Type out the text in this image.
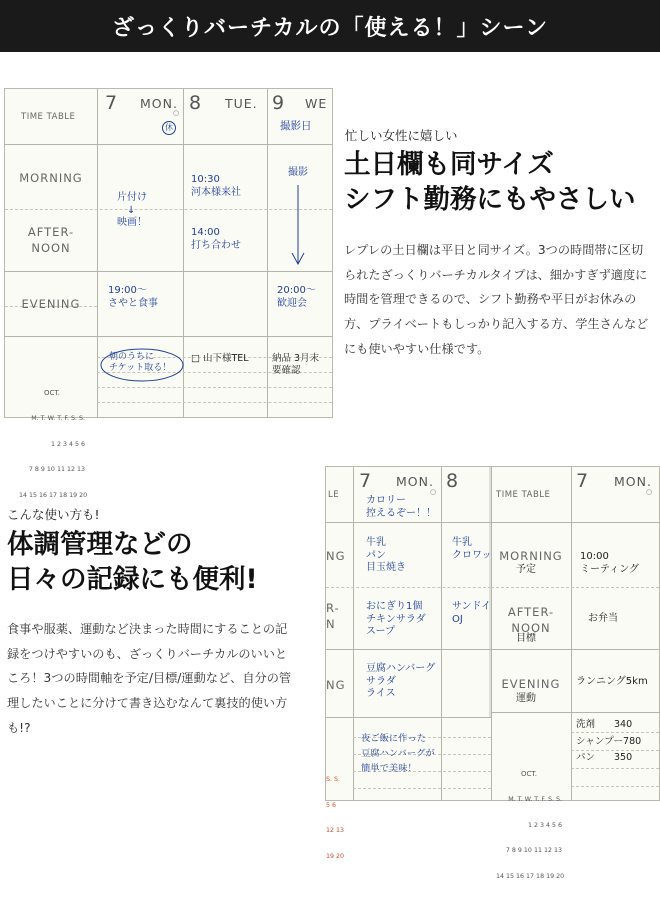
ざっくりバーチカルの「使える！」シーン
TIME TABLE
MORNING
AFTER-
NOON
EVENING
7 MON. 8 TUE. 9 WE
○
休	撮影日
片付け
　↓
映画！
10:30
河本様来社
14:00
打ち合わせ
撮影
19:00〜
さやと食事
20:00〜
歓迎会
朝のうちに
チケット取る！
□ 山下様TEL 納品 3月末
要確認

OCT.

M. T. W. T. F. S. S.

1 2 3 4 5 6

7 8 9 10 11 12 13

14 15 16 17 18 19 20

忙しい女性に嬉しい
土日欄も同サイズ
シフト勤務にもやさしい
レプレの土日欄は平日と同サイズ。3つの時間帯に区切られたざっくりバーチカルタイプは、細かすぎず適度に時間を管理できるので、シフト勤務や平日がお休みの方、プライベートもしっかり記入する方、学生さんなどにも使いやすい仕様です。
こんな使い方も!
体調管理などの
日々の記録にも便利!
食事や服薬、運動など決まった時間にすることの記録をつけやすいのも、ざっくりバーチカルのいいところ！3つの時間軸を予定/目標/運動など、自分の管理したいことに分けて書き込むなんて裏技的使い方も!?
LE
NG
R-
N
NG

S. S.

5 6

12 13

19 20

7 MON.
○ 8
TIME TABLE
7 MON.
○
MORNING
予定
AFTER-
NOON
目標
EVENING
運動
カロリー
控えるぞー！！
牛乳
パン
目玉焼き
牛乳
クロワッ
おにぎり1個
チキンサラダ
スープ
サンドイ
OJ
豆腐ハンバーグ
サラダ
ライス
夜ご飯に作った
豆腐ハンバーグが
簡単で美味！
10:00
ミーティング
お弁当
ランニング5km
洗剤　　340
シャンプー780
パン　　350

OCT.

M. T. W. T. F. S. S.

1 2 3 4 5 6

7 8 9 10 11 12 13

14 15 16 17 18 19 20
